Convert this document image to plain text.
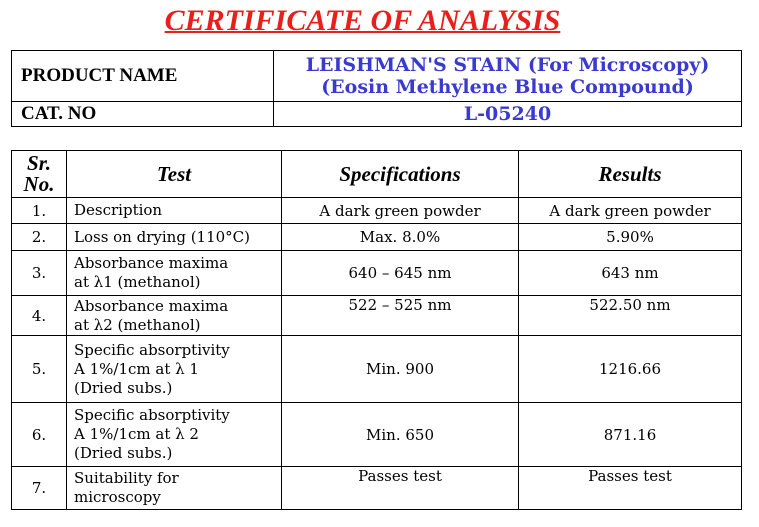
CERTIFICATE OF ANALYSIS
PRODUCT NAME	LEISHMAN'S STAIN (For Microscopy)
(Eosin Methylene Blue Compound)

CAT. NO	L-05240
Sr. No.	Test	Specifications	Results
1.	Description	A dark green powder	A dark green powder
2.	Loss on drying (110°C)	Max. 8.0%	5.90%
3.	Absorbance maxima
at λ1 (methanol)	640 – 645 nm	643 nm
4.	Absorbance maxima
at λ2 (methanol)	522 – 525 nm	522.50 nm
5.	Specific absorptivity
A 1%/1cm at λ 1
(Dried subs.)	Min. 900	1216.66
6.	Specific absorptivity
A 1%/1cm at λ 2
(Dried subs.)	Min. 650	871.16
7.	Suitability for
microscopy	Passes test	Passes test
